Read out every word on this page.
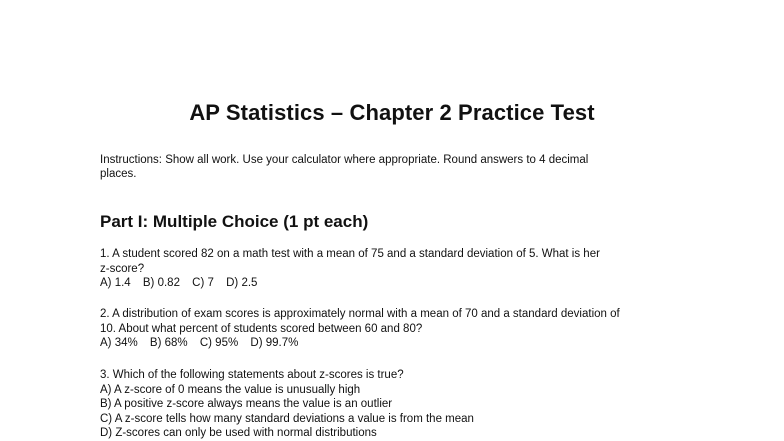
AP Statistics – Chapter 2 Practice Test
Instructions: Show all work. Use your calculator where appropriate. Round answers to 4 decimal
places.
Part I: Multiple Choice (1 pt each)
1. A student scored 82 on a math test with a mean of 75 and a standard deviation of 5. What is her
z-score?
A) 1.4 B) 0.82 C) 7 D) 2.5
2. A distribution of exam scores is approximately normal with a mean of 70 and a standard deviation of
10. About what percent of students scored between 60 and 80?
A) 34% B) 68% C) 95% D) 99.7%
3. Which of the following statements about z-scores is true?
A) A z-score of 0 means the value is unusually high
B) A positive z-score always means the value is an outlier
C) A z-score tells how many standard deviations a value is from the mean
D) Z-scores can only be used with normal distributions
